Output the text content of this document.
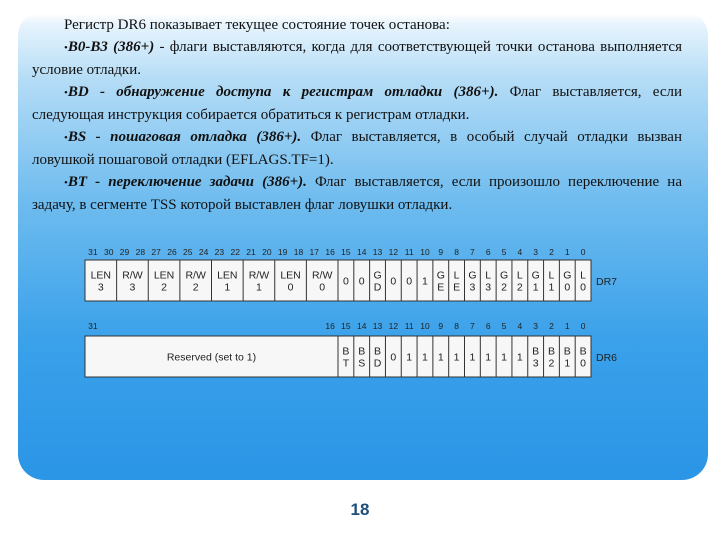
Регистр DR6 показывает текущее состояние точек останова:

•B0-B3 (386+) - флаги выставляются, когда для соответствующей точки останова выполняется условие отладки.

•BD - обнаружение доступа к регистрам отладки (386+). Флаг выставляется, если следующая инструкция собирается обратиться к регистрам отладки.

•BS - пошаговая отладка (386+). Флаг выставляется, в особый случай отладки вызван ловушкой пошаговой отладки (EFLAGS.TF=1).

•BT - переключение задачи (386+). Флаг выставляется, если произошло переключение на задачу, в сегменте TSS которой выставлен флаг ловушки отладки.

31 30 29 28 27 26 25 24 23 22 21 20 19 18 17 16 15 14 13 12 11 10 9 8 7 6 5 4 3 2 1 0
LEN
3
R/W
3
LEN
2
R/W
2
LEN
1
R/W
1
LEN
0
R/W
0 0 0 G
D 0 0 1 G
E
L
E
G
3
L
3
G
2
L
2
G
1
L
1
G
0
L
0 DR7
31	16 15 14 13 12 11 10 9 8 7 6 5 4 3 2 1 0
Reserved (set to 1)	B
T
B
S
B
D 0 1 1 1 1 1 1 1 1 B
3
B
2
B
1
B
0 DR6
18
